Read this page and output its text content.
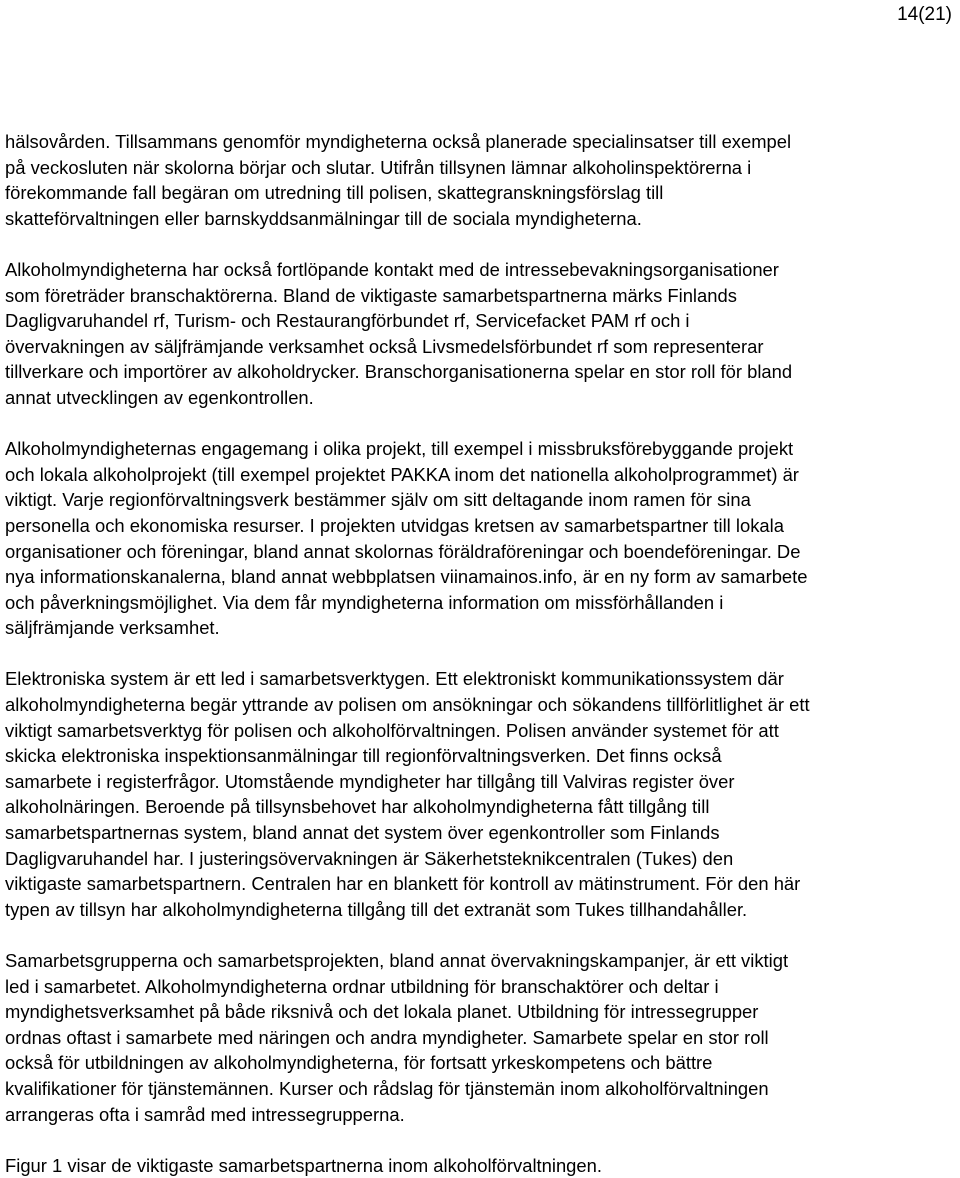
14(21)
hälsovården. Tillsammans genomför myndigheterna också planerade specialinsatser till exempel
på veckosluten när skolorna börjar och slutar. Utifrån tillsynen lämnar alkoholinspektörerna i
förekommande fall begäran om utredning till polisen, skattegranskningsförslag till
skatteförvaltningen eller barnskyddsanmälningar till de sociala myndigheterna.
Alkoholmyndigheterna har också fortlöpande kontakt med de intressebevakningsorganisationer
som företräder branschaktörerna. Bland de viktigaste samarbetspartnerna märks Finlands
Dagligvaruhandel rf, Turism- och Restaurangförbundet rf, Servicefacket PAM rf och i
övervakningen av säljfrämjande verksamhet också Livsmedelsförbundet rf som representerar
tillverkare och importörer av alkoholdrycker. Branschorganisationerna spelar en stor roll för bland
annat utvecklingen av egenkontrollen.
Alkoholmyndigheternas engagemang i olika projekt, till exempel i missbruksförebyggande projekt
och lokala alkoholprojekt (till exempel projektet PAKKA inom det nationella alkoholprogrammet) är
viktigt. Varje regionförvaltningsverk bestämmer själv om sitt deltagande inom ramen för sina
personella och ekonomiska resurser. I projekten utvidgas kretsen av samarbetspartner till lokala
organisationer och föreningar, bland annat skolornas föräldraföreningar och boendeföreningar. De
nya informationskanalerna, bland annat webbplatsen viinamainos.info, är en ny form av samarbete
och påverkningsmöjlighet. Via dem får myndigheterna information om missförhållanden i
säljfrämjande verksamhet.
Elektroniska system är ett led i samarbetsverktygen. Ett elektroniskt kommunikationssystem där
alkoholmyndigheterna begär yttrande av polisen om ansökningar och sökandens tillförlitlighet är ett
viktigt samarbetsverktyg för polisen och alkoholförvaltningen. Polisen använder systemet för att
skicka elektroniska inspektionsanmälningar till regionförvaltningsverken. Det finns också
samarbete i registerfrågor. Utomstående myndigheter har tillgång till Valviras register över
alkoholnäringen. Beroende på tillsynsbehovet har alkoholmyndigheterna fått tillgång till
samarbetspartnernas system, bland annat det system över egenkontroller som Finlands
Dagligvaruhandel har. I justeringsövervakningen är Säkerhetsteknikcentralen (Tukes) den
viktigaste samarbetspartnern. Centralen har en blankett för kontroll av mätinstrument. För den här
typen av tillsyn har alkoholmyndigheterna tillgång till det extranät som Tukes tillhandahåller.
Samarbetsgrupperna och samarbetsprojekten, bland annat övervakningskampanjer, är ett viktigt
led i samarbetet. Alkoholmyndigheterna ordnar utbildning för branschaktörer och deltar i
myndighetsverksamhet på både riksnivå och det lokala planet. Utbildning för intressegrupper
ordnas oftast i samarbete med näringen och andra myndigheter. Samarbete spelar en stor roll
också för utbildningen av alkoholmyndigheterna, för fortsatt yrkeskompetens och bättre
kvalifikationer för tjänstemännen. Kurser och rådslag för tjänstemän inom alkoholförvaltningen
arrangeras ofta i samråd med intressegrupperna.
Figur 1 visar de viktigaste samarbetspartnerna inom alkoholförvaltningen.
